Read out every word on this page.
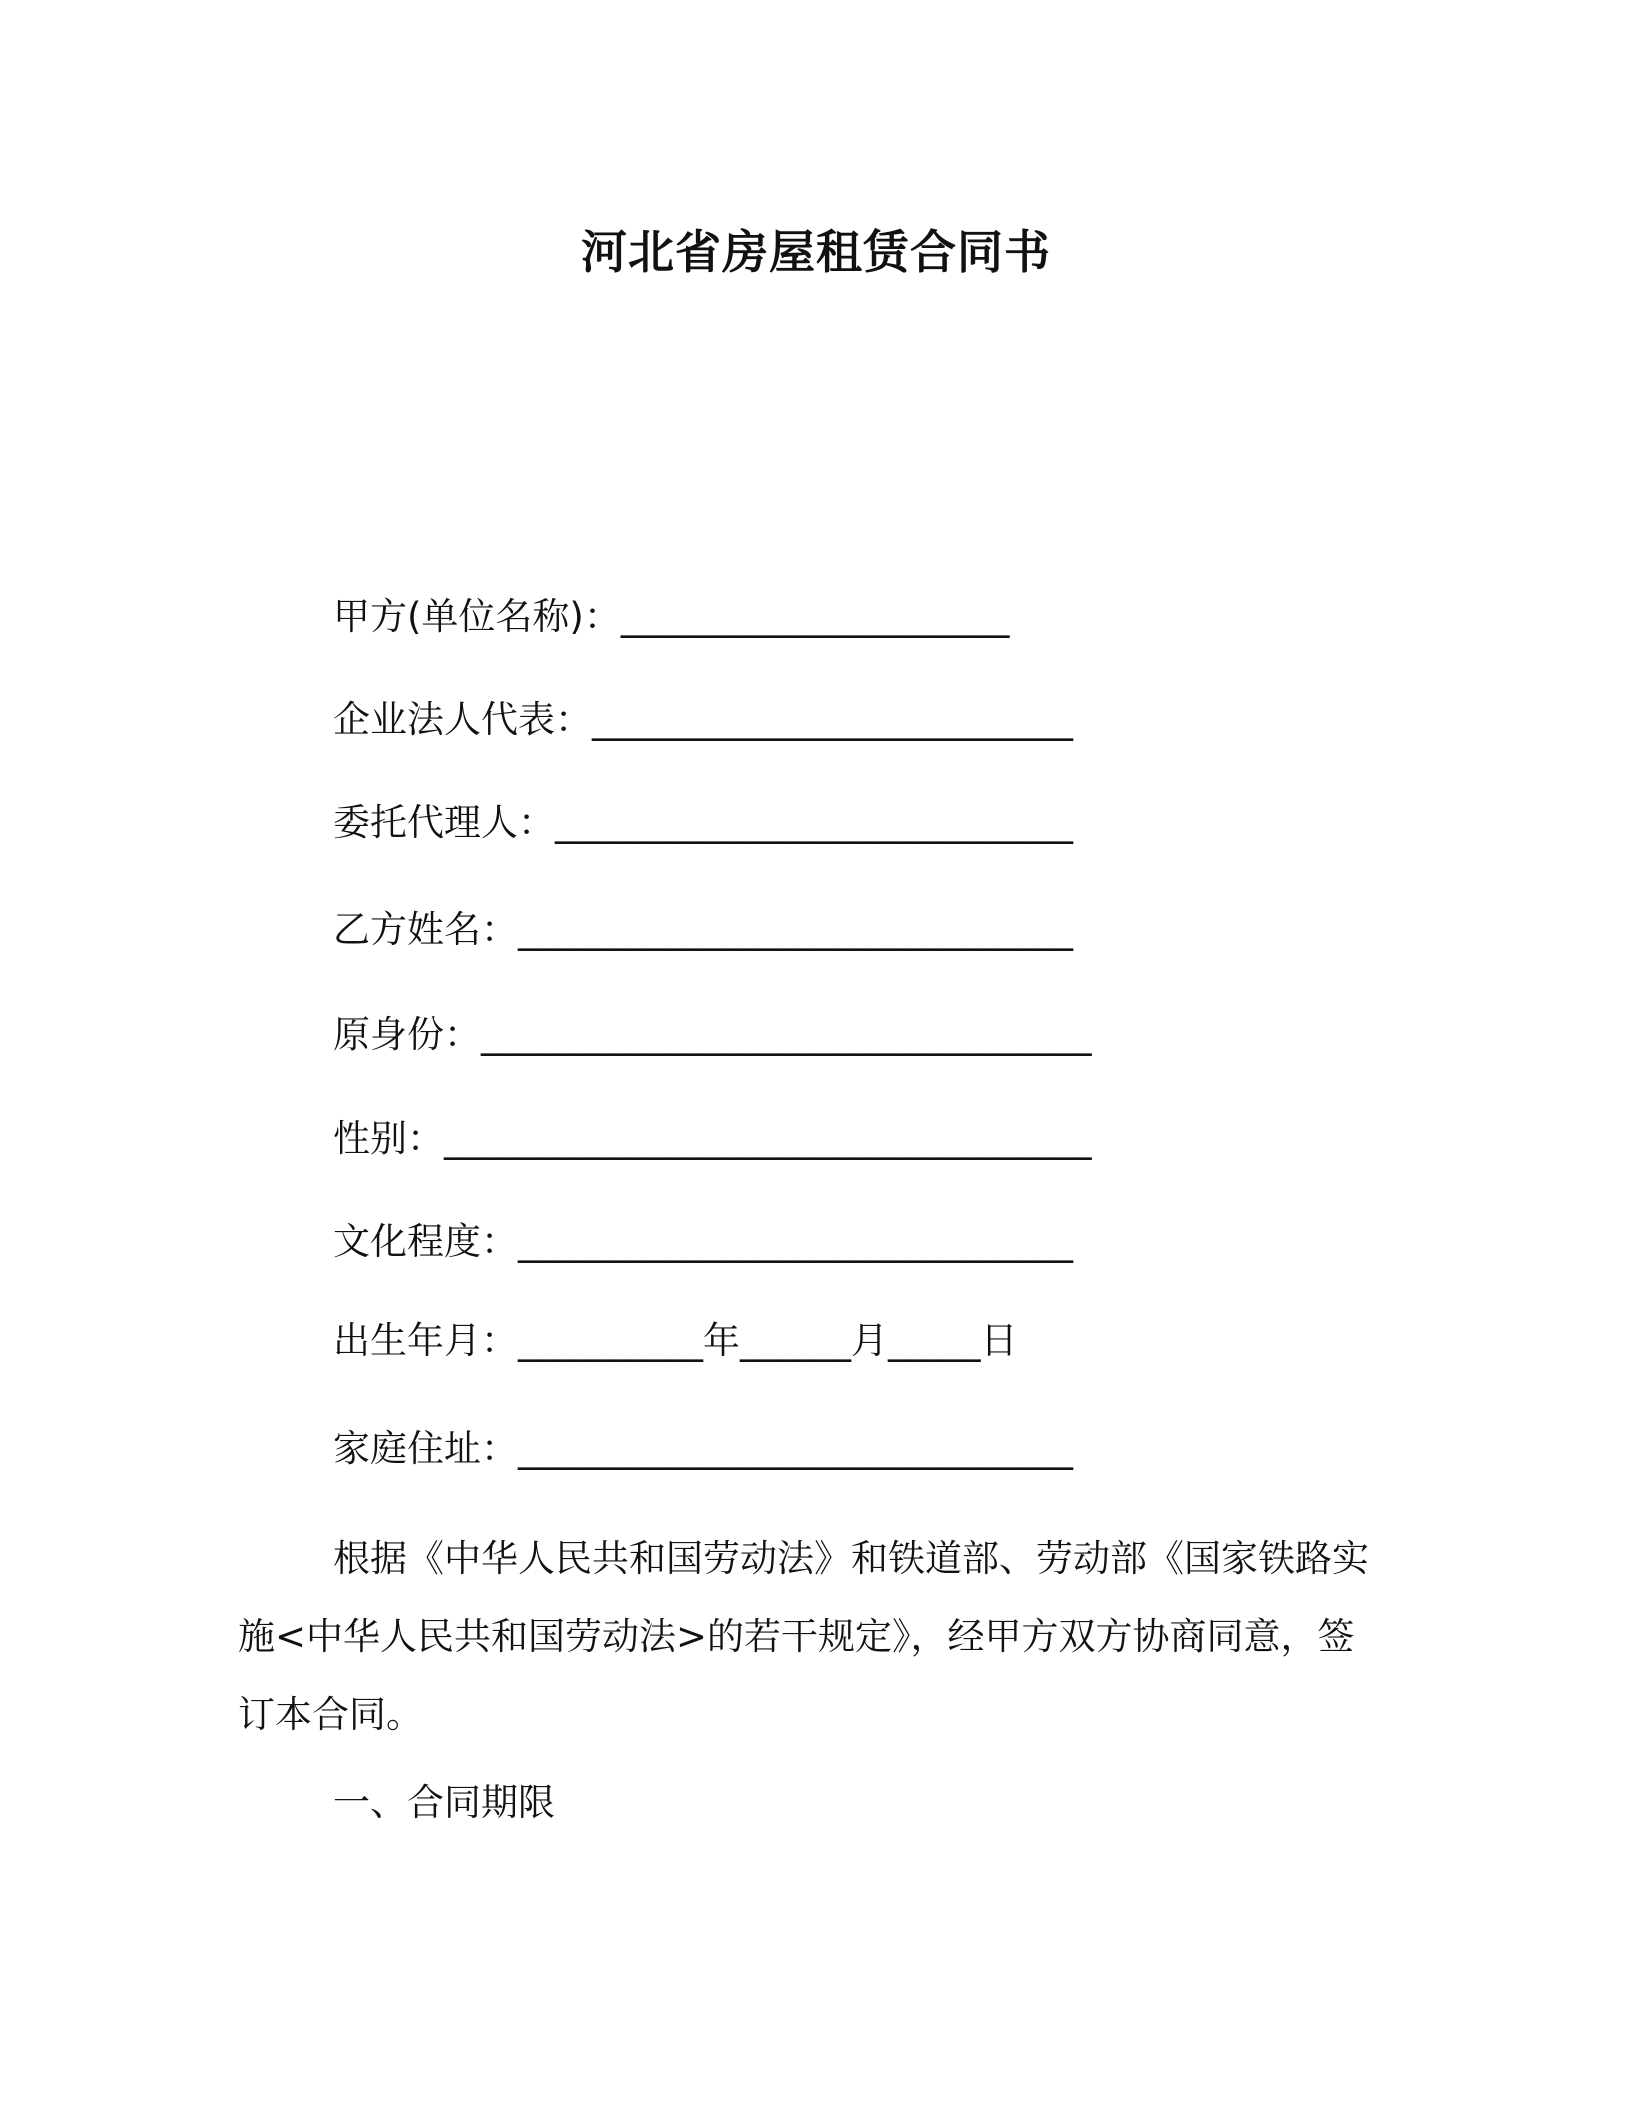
河北省房屋租赁合同书
甲方(单位名称)：_____________________
企业法人代表：__________________________
委托代理人：____________________________
乙方姓名：______________________________
原身份：_________________________________
性别：___________________________________
文化程度：______________________________
出生年月：__________年______月_____日
家庭住址：______________________________
根据《中华人民共和国劳动法》和铁道部、劳动部《国家铁路实
施<中华人民共和国劳动法>的若干规定》，经甲方双方协商同意，签
订本合同。
一、合同期限
